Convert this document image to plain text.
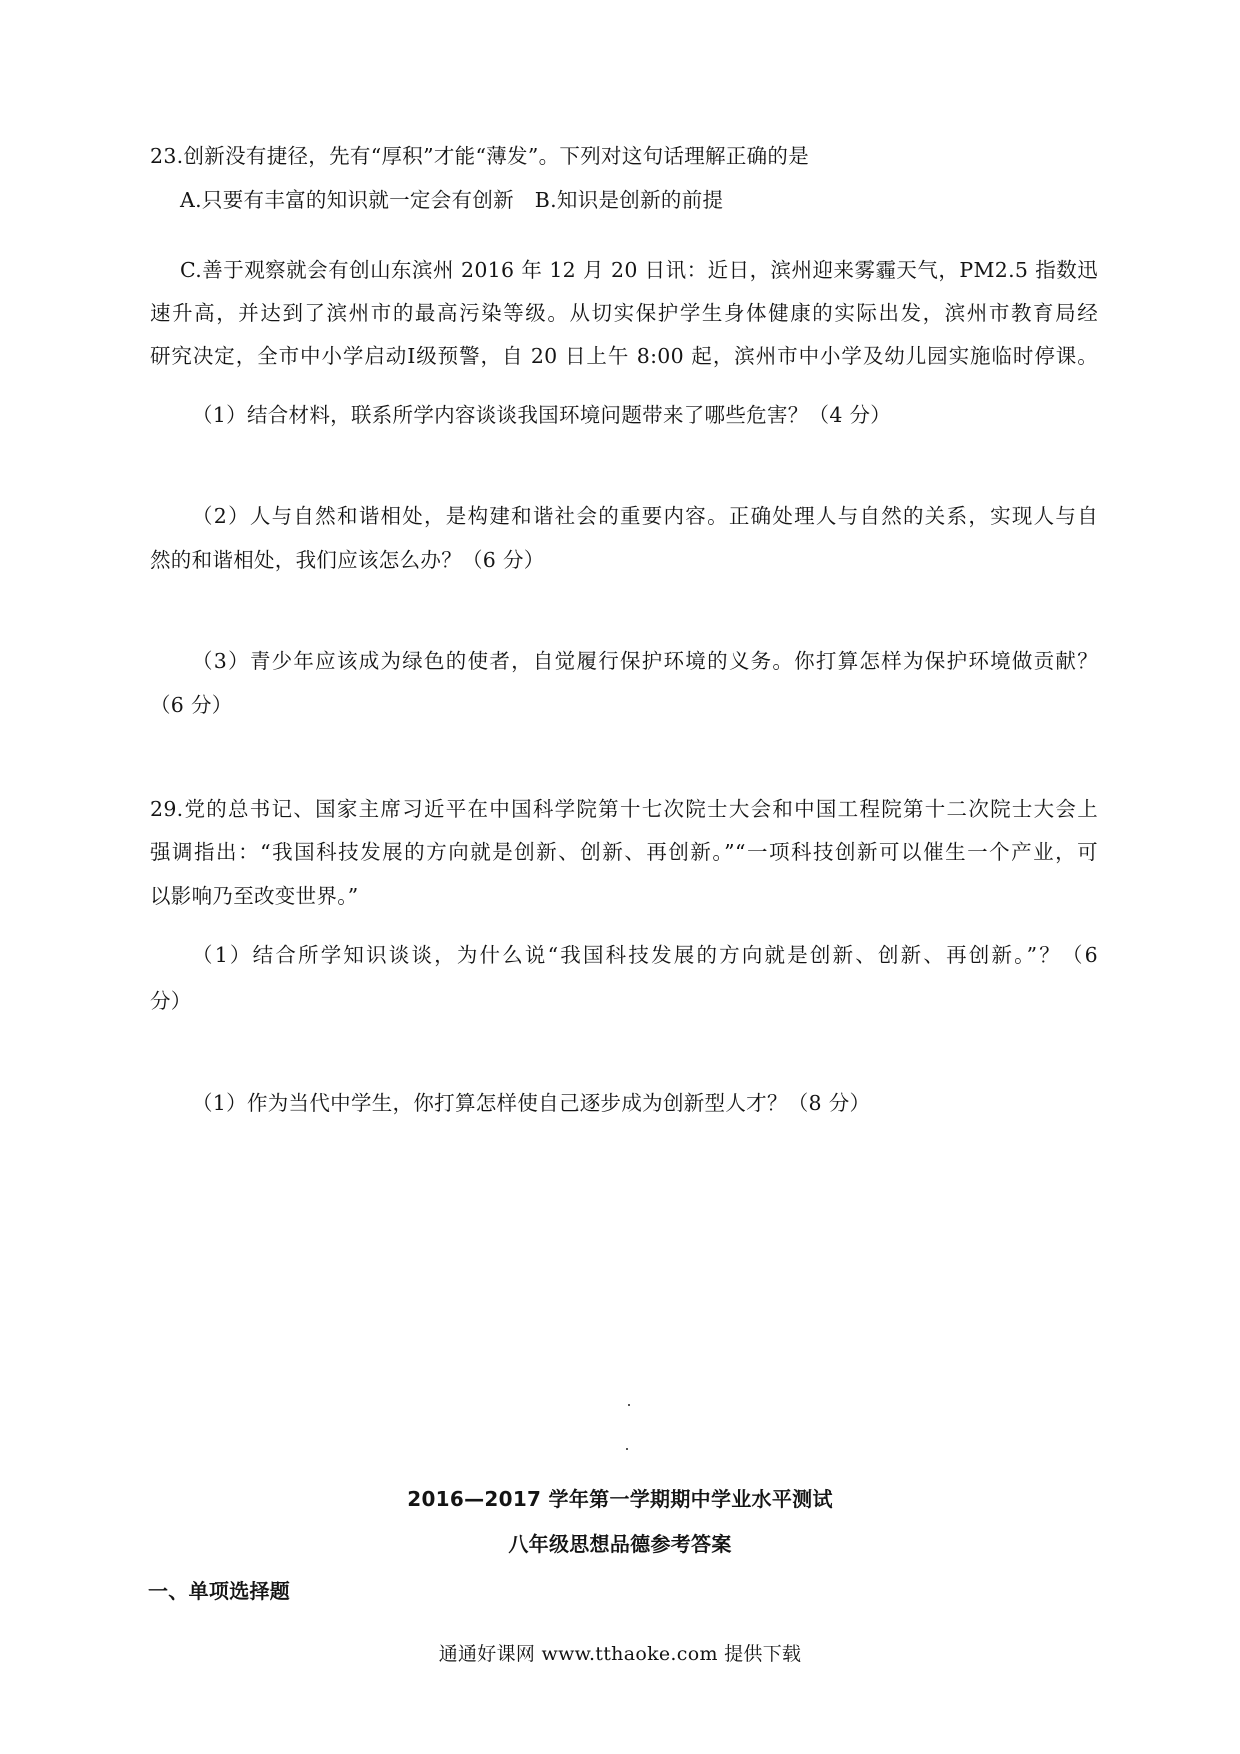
23.创新没有捷径，先有“厚积”才能“薄发”。下列对这句话理解正确的是
A.只要有丰富的知识就一定会有创新　B.知识是创新的前提
C.善于观察就会有创山东滨州 2016 年 12 月 20 日讯：近日，滨州迎来雾霾天气，PM2.5 指数迅
速升高，并达到了滨州市的最高污染等级。从切实保护学生身体健康的实际出发，滨州市教育局经
研究决定，全市中小学启动Ⅰ级预警，自 20 日上午 8:00 起，滨州市中小学及幼儿园实施临时停课。
（1）结合材料，联系所学内容谈谈我国环境问题带来了哪些危害？（4 分）
（2）人与自然和谐相处，是构建和谐社会的重要内容。正确处理人与自然的关系，实现人与自
然的和谐相处，我们应该怎么办？（6 分）
（3）青少年应该成为绿色的使者，自觉履行保护环境的义务。你打算怎样为保护环境做贡献？
（6 分）
29.党的总书记、国家主席习近平在中国科学院第十七次院士大会和中国工程院第十二次院士大会上
强调指出：“我国科技发展的方向就是创新、创新、再创新。”“一项科技创新可以催生一个产业，可
以影响乃至改变世界。”
（1）结合所学知识谈谈，为什么说“我国科技发展的方向就是创新、创新、再创新。”？（6
分）
（1）作为当代中学生，你打算怎样使自己逐步成为创新型人才？（8 分）
2016—2017 学年第一学期期中学业水平测试
八年级思想品德参考答案
一、单项选择题
通通好课网 www.tthaoke.com 提供下载
